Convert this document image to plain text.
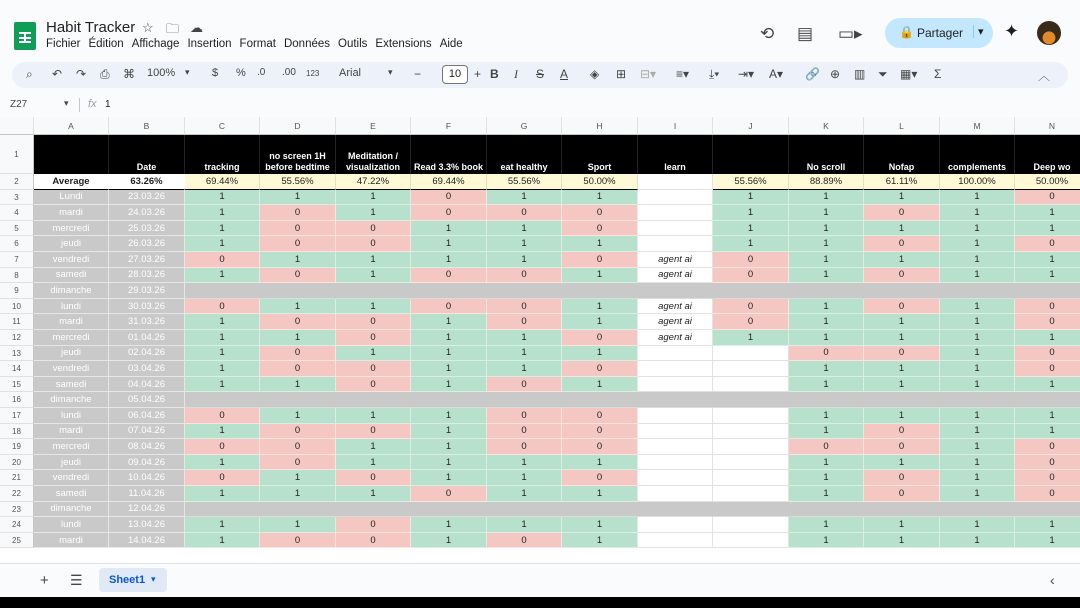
Habit Tracker ☆ 🗀 ☁
Fichier Édition Affichage Insertion Format Données Outils Extensions Aide
⟲ ▤ ▭▸	🔒 Partager	▾ ✦
⌕ ↶ ↷ ⎙ ⌘ 100% ▾ $ % .0 .00 123 Arial	▾ −	10	+ B I S A ◈ ⊞ ⊟▾ ≡▾ ⤓▾ ⇥▾ A▾ 🔗 ⊕ ▥ ⏷ ▦▾ Σ	︿
Z27	▾ fx 1
A	B	C	D	E	F	G	H	I	J	K	L	M	N
1
2
3
4
5
6
7
8
9
10
11
12
13
14
15
16
17
18
19
20
21
22
23
24
25
Date	tracking
no screen 1H before bedtime
Meditation / visualization	Read 3.3% book	eat healthy	Sport	learn	No scroll	Nofap	complements	Deep wo
Average	63.26%	69.44%	55.56%	47.22%	69.44%	55.56%	50.00%	55.56%	88.89%	61.11%	100.00%	50.00%
Lundi	23.03.26	1	1	1	0	1	1	1	1	1	1	0
mardi	24.03.26	1	0	1	0	0	0	1	1	0	1	1
mercredi	25.03.26	1	0	0	1	1	0	1	1	1	1	1
jeudi	26.03.26	1	0	0	1	1	1	1	1	0	1	0
vendredi	27.03.26	0	1	1	1	1	0	agent ai	0	1	1	1	1
samedi	28.03.26	1	0	1	0	0	1	agent ai	0	1	0	1	1
dimanche	29.03.26
lundi	30.03.26	0	1	1	0	0	1	agent ai	0	1	0	1	0
mardi	31.03.26	1	0	0	1	0	1	agent ai	0	1	1	1	0
mercredi	01.04.26	1	1	0	1	1	0	agent ai	1	1	1	1	1
jeudi	02.04.26	1	0	1	1	1	1	0	0	1	0
vendredi	03.04.26	1	0	0	1	1	0	1	1	1	0
samedi	04.04.26	1	1	0	1	0	1	1	1	1	1
dimanche	05.04.26
lundi	06.04.26	0	1	1	1	0	0	1	1	1	1
mardi	07.04.26	1	0	0	1	0	0	1	0	1	1
mercredi	08.04.26	0	0	1	1	0	0	0	0	1	0
jeudi	09.04.26	1	0	1	1	1	1	1	1	1	0
vendredi	10.04.26	0	1	0	1	1	0	1	0	1	0
samedi	11.04.26	1	1	1	0	1	1	1	0	1	0
dimanche	12.04.26
lundi	13.04.26	1	1	0	1	1	1	1	1	1	1
mardi	14.04.26	1	0	0	1	0	1	1	1	1	1
+ ☰ Sheet1 ▾	‹
